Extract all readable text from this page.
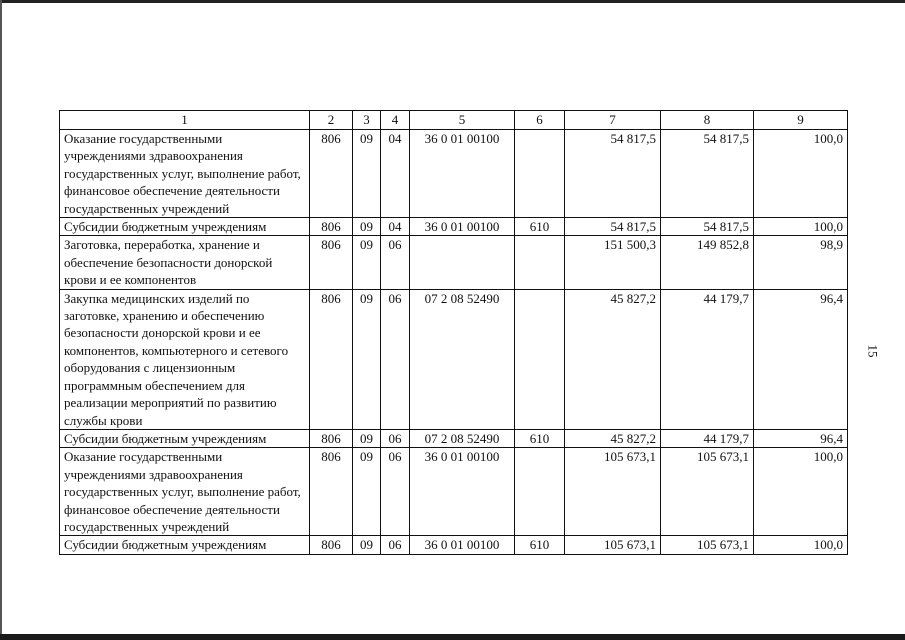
15
1	2	3	4	5	6	7	8	9
Оказание государственными учреждениями здравоохранения государственных услуг, выполнение работ, финансовое обеспечение деятельности государственных учреждений	806	09	04	36 0 01 00100		54 817,5	54 817,5	100,0
Субсидии бюджетным учреждениям	806	09	04	36 0 01 00100	610	54 817,5	54 817,5	100,0
Заготовка, переработка, хранение и обеспечение безопасности донорской крови и ее компонентов	806	09	06			151 500,3	149 852,8	98,9
Закупка медицинских изделий по заготовке, хранению и обеспечению безопасности донорской крови и ее компонентов, компьютерного и сетевого оборудования с лицензионным программным обеспечением для реализации мероприятий по развитию службы крови	806	09	06	07 2 08 52490		45 827,2	44 179,7	96,4
Субсидии бюджетным учреждениям	806	09	06	07 2 08 52490	610	45 827,2	44 179,7	96,4
Оказание государственными учреждениями здравоохранения государственных услуг, выполнение работ, финансовое обеспечение деятельности государственных учреждений	806	09	06	36 0 01 00100		105 673,1	105 673,1	100,0
Субсидии бюджетным учреждениям	806	09	06	36 0 01 00100	610	105 673,1	105 673,1	100,0
